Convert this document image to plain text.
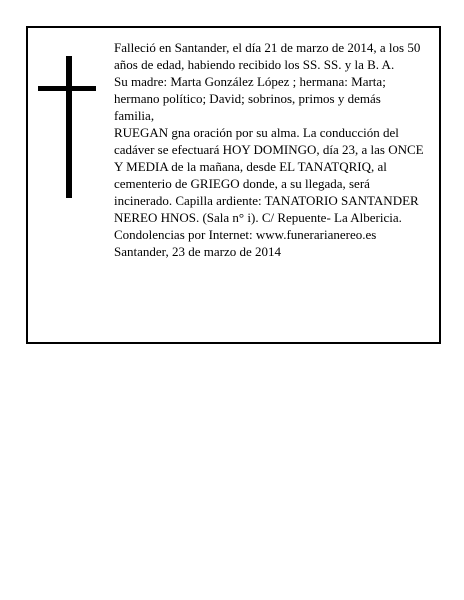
Falleció en Santander, el día 21 de marzo de 2014, a los 50 años de edad, habiendo recibido los SS. SS. y la B. A.

Su madre: Marta González López ; hermana: Marta; hermano político; David; sobrinos, primos y demás familia,

RUEGAN gna oración por su alma. La conducción del cadáver se efectuará HOY DOMINGO, día 23, a las ONCE Y MEDIA de la mañana, desde EL TANATQRIQ, al cementerio de GRIEGO donde, a su llegada, será incinerado. Capilla ardiente: TANATORIO SANTANDER NEREO HNOS. (Sala n° i). C/ Repuente- La Albericia.

Condolencias por Internet: www.funerarianereo.es

Santander, 23 de marzo de 2014
